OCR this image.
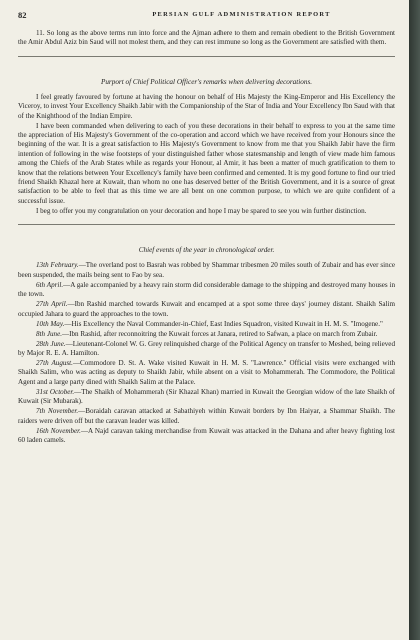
82	PERSIAN GULF ADMINISTRATION REPORT

11. So long as the above terms run into force and the Ajman adhere to them and remain obedient to the British Government the Amir Abdul Aziz bin Saud will not molest them, and they can rest immune so long as the Government are satisfied with them.

Purport of Chief Political Officer's remarks when delivering decorations.

I feel greatly favoured by fortune at having the honour on behalf of His Majesty the King-Emperor and His Excellency the Viceroy, to invest Your Excellency Shaikh Jabir with the Companionship of the Star of India and Your Excellency Ibn Saud with that of the Knighthood of the Indian Empire.

I have been commanded when delivering to each of you these decorations in their behalf to express to you at the same time the appreciation of His Majesty's Government of the co-operation and accord which we have received from your Honours since the beginning of the war. It is a great satisfaction to His Majesty's Government to know from me that you Shaikh Jabir have the firm intention of following in the wise footsteps of your distinguished father whose statesmanship and length of view made him famous among the Chiefs of the Arab States while as regards your Honour, al Amir, it has been a matter of much gratification to them to know that the relations between Your Excellency's family have been confirmed and cemented. It is my good fortune to find our tried friend Shaikh Khazal here at Kuwait, than whom no one has deserved better of the British Government, and it is a source of great satisfaction to be able to feel that as this time we are all bent on one common purpose, to which we are quite confident of a successful issue.

I beg to offer you my congratulation on your decoration and hope I may be spared to see you win further distinction.

Chief events of the year in chronological order.

13th February.—The overland post to Basrah was robbed by Shammar tribesmen 20 miles south of Zubair and has ever since been suspended, the mails being sent to Fao by sea.

6th April.—A gale accompanied by a heavy rain storm did considerable damage to the shipping and destroyed many houses in the town.

27th April.—Ibn Rashid marched towards Kuwait and encamped at a spot some three days' journey distant. Shaikh Salim occupied Jahara to guard the approaches to the town.

10th May.—His Excellency the Naval Commander-in-Chief, East Indies Squadron, visited Kuwait in H. M. S. "Imogene."

8th June.—Ibn Rashid, after reconnoitring the Kuwait forces at Janara, retired to Safwan, a place on march from Zubair.

28th June.—Lieutenant-Colonel W. G. Grey relinquished charge of the Political Agency on transfer to Meshed, being relieved by Major R. E. A. Hamilton.

27th August.—Commodore D. St. A. Wake visited Kuwait in H. M. S. "Lawrence." Official visits were exchanged with Shaikh Salim, who was acting as deputy to Shaikh Jabir, while absent on a visit to Mohammerah. The Commodore, the Political Agent and a large party dined with Shaikh Salim at the Palace.

31st October.—The Shaikh of Mohammerah (Sir Khazal Khan) married in Kuwait the Georgian widow of the late Shaikh of Kuwait (Sir Mubarak).

7th November.—Boraidah caravan attacked at Sabathiyeh within Kuwait borders by Ibn Haiyar, a Shammar Shaikh. The raiders were driven off but the caravan leader was killed.

16th November.—A Najd caravan taking merchandise from Kuwait was attacked in the Dahana and after heavy fighting lost 60 laden camels.
